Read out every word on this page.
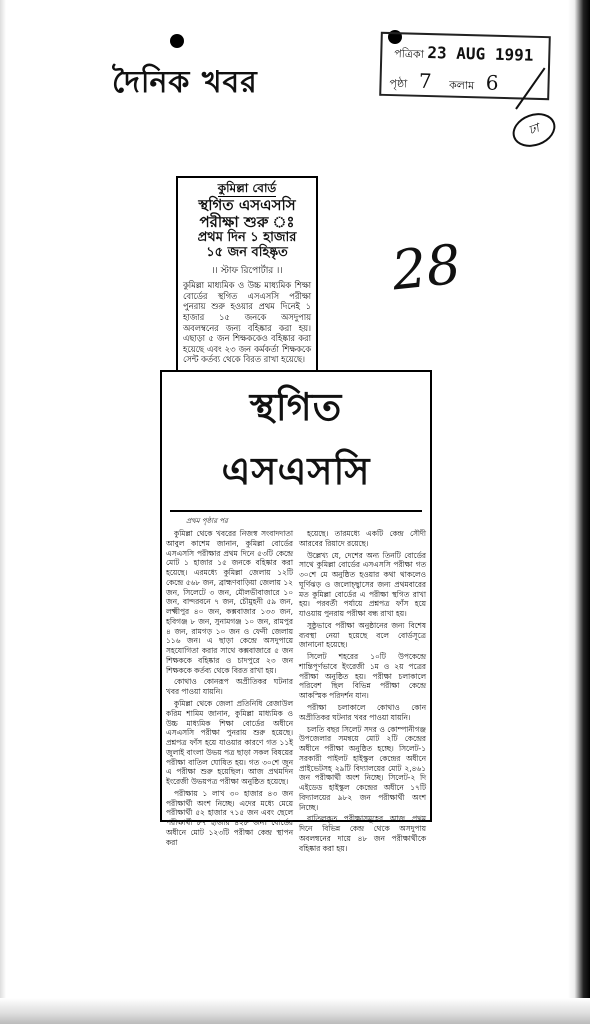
দৈনিক খবর
পত্রিকা 23 AUG 1991
পৃষ্ঠা 7 কলাম 6
ঢা
28
কুমিল্লা বোর্ড
স্থগিত এসএসসি
পরীক্ষা শুরু ঃ
প্রথম দিন ১ হাজার
১৫ জন বহিষ্কৃত
।। স্টাফ রিপোর্টার ।।
কুমিল্লা মাধ্যমিক ও উচ্চ মাধ্যমিক শিক্ষা বোর্ডের স্থগিত এসএসসি পরীক্ষা পুনরায় শুরু হওয়ার প্রথম দিনেই ১ হাজার ১৫ জনকে অসদুপায় অবলম্বনের জন্য বহিষ্কার করা হয়। এছাড়া ৫ জন শিক্ষককেও বহিষ্কার করা হয়েছে এবং ২৩ জন কর্মকর্তা শিক্ষককে সেন্ট কর্তব্য থেকে বিরত রাখা হয়েছে।
স্থগিত এসএসসি
প্রথম পৃষ্ঠার পর

কুমিল্লা থেকে খবরের নিজস্ব সংবাদদাতা আবুল কাশেম জানান, কুমিল্লা বোর্ডের এসএসসি পরীক্ষার প্রথম দিনে ৫৩টি কেন্দ্রে মোট ১ হাজার ১৫ জনকে বহিষ্কার করা হয়েছে। এরমধ্যে কুমিল্লা জেলায় ১২টি কেন্দ্রে ৫৬৮ জন, ব্রাহ্মণবাড়িয়া জেলায় ১২ জন, সিলেটে ৩ জন, মৌলভীবাজারে ১০ জন, বান্দরবনে ৭ জন, চৌমুহনী ৫৯ জন, লক্ষ্মীপুর ৪০ জন, কক্সবাজার ১৩৩ জন, হবিগঞ্জ ৮ জন, সুনামগঞ্জ ১০ জন, রামপুর ৪ জন, রামগড় ১০ জন ও ফেনী জেলায় ১১৬ জন। এ ছাড়া কেন্দ্রে অসদুপায়ে সহযোগিতা করার সাথে কক্সবাজারে ৫ জন শিক্ষককে বহিষ্কার ও চাদপুরে ২৩ জন শিক্ষককে কর্তব্য থেকে বিরত রাখা হয়।

কোথাও কোনরূপ অপ্রীতিকর ঘটনার খবর পাওয়া যায়নি।

কুমিল্লা থেকে জেলা প্রতিনিধি রেজাউল করিম শামিম জানান, কুমিল্লা মাধ্যমিক ও উচ্চ মাধ্যমিক শিক্ষা বোর্ডের অধীনে এসএসসি পরীক্ষা পুনরায় শুরু হয়েছে। প্রশ্নপত্র ফাঁস হয়ে যাওয়ার কারণে গত ১১ই জুলাই বাংলা উভয় পত্র ছাড়া সকল বিষয়ের পরীক্ষা বাতিল ঘোষিত হয়। গত ৩০শে জুন এ পরীক্ষা শুরু হয়েছিল। আজ প্রথমদিন ইংরেজী উভয়পত্র পরীক্ষা অনুষ্ঠিত হয়েছে।

পরীক্ষায় ১ লাখ ৩০ হাজার ৪৩ জন পরীক্ষার্থী অংশ নিচ্ছে। এদের মধ্যে মেয়ে পরীক্ষার্থী ৫২ হাজার ৭১৫ জন এবং ছেলে পরীক্ষার্থী ৮৭ হাজার ৪২৮ জন। বোর্ডের অধীনে মোট ১২৩টি পরীক্ষা কেন্দ্র স্থাপন করা

হয়েছে। তারমধ্যে একটি কেন্দ্র সৌদী আরবের রিয়াদে রয়েছে।

উল্লেখ্য যে, দেশের অন্য তিনটি বোর্ডের সাথে কুমিল্লা বোর্ডের এসএসসি পরীক্ষা গত ৩০শে মে অনুষ্ঠিত হওয়ার কথা থাকলেও ঘূর্ণিঝড় ও জলোচ্ছ্বাসের জন্য প্রথমবারের মত কুমিল্লা বোর্ডের এ পরীক্ষা স্থগিত রাখা হয়। পরবর্তী পর্যায়ে প্রশ্নপত্র ফাঁস হয়ে যাওয়ায় পুনরায় পরীক্ষা বন্ধ রাখা হয়।

সুষ্ঠুভাবে পরীক্ষা অনুষ্ঠানের জন্য বিশেষ ব্যবস্থা নেয়া হয়েছে বলে বোর্ডসূত্রে জানানো হয়েছে।

সিলেট শহরের ১০টি উপকেন্দ্রে শান্তিপূর্ণভাবে ইংরেজী ১ম ও ২য় পত্রের পরীক্ষা অনুষ্ঠিত হয়। পরীক্ষা চলাকালে পরিবেশ ছিল বিভিন্ন পরীক্ষা কেন্দ্রে আকস্মিক পরিদর্শন যান।

পরীক্ষা চলাকালে কোথাও কোন অপ্রীতিকর ঘটনার খবর পাওয়া যায়নি।

চলতি বছর সিলেট সদর ও কোম্পানীগঞ্জ উপজেলার সমন্বয়ে মোট ২টি কেন্দ্রের অধীনে পরীক্ষা অনুষ্ঠিত হচ্ছে। সিলেট-১ সরকারী পাইলট হাইস্কুল কেন্দ্রের অধীনে প্রাইভেটসহ ২৯টি বিদ্যালয়ের মোট ২,৪৬১ জন পরীক্ষার্থী অংশ নিচ্ছে। সিলেট-২ দি এইডেড হাইস্কুল কেন্দ্রের অধীনে ১৭টি বিদ্যালয়ের ৯৮২ জন পরীক্ষার্থী অংশ নিচ্ছে।

বাতিলকৃত পরীক্ষাসমূহের আজ প্রথম দিনে বিভিন্ন কেন্দ্র থেকে অসদুপায় অবলম্বনের দায়ে ৪৮ জন পরীক্ষার্থীকে বহিষ্কার করা হয়।
